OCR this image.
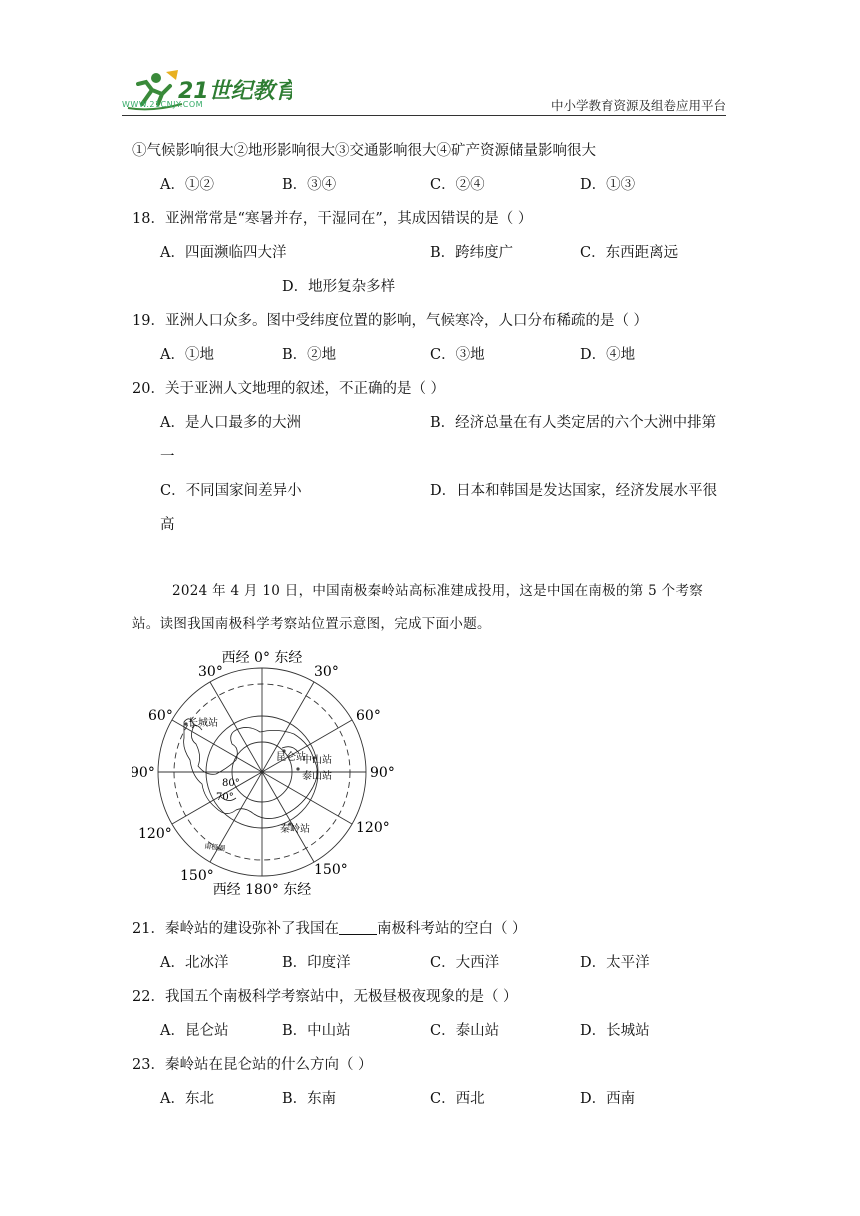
21世纪教育
WWW.21CNJY.COM	中小学教育资源及组卷应用平台
①气候影响很大②地形影响很大③交通影响很大④矿产资源储量影响很大
A．①②	B．③④	C．②④	D．①③
18．亚洲常常是“寒暑并存，干湿同在”，其成因错误的是（ ）
A．四面濒临四大洋	B．跨纬度广	C．东西距离远
D．地形复杂多样
19．亚洲人口众多。图中受纬度位置的影响，气候寒冷，人口分布稀疏的是（ ）
A．①地	B．②地	C．③地	D．④地
20．关于亚洲人文地理的叙述，不正确的是（ ）
A．是人口最多的大洲	B．经济总量在有人类定居的六个大洲中排第
一
C．不同国家间差异小	D．日本和韩国是发达国家，经济发展水平很
高
2024 年 4 月 10 日，中国南极秦岭站高标准建成投用，这是中国在南极的第 5 个考察
站。读图我国南极科学考察站位置示意图，完成下面小题。
西经 0° 东经
西经 180° 东经
30°	30°
60°	60°
90°	90°
120°	120°
150°	150°
80°
70°
长城站
昆仑站
中山站
泰山站
秦岭站
南极圈
21．秦岭站的建设弥补了我国在	南极科考站的空白（ ）
A．北冰洋	B．印度洋	C．大西洋	D．太平洋
22．我国五个南极科学考察站中，无极昼极夜现象的是（ ）
A．昆仑站	B．中山站	C．泰山站	D．长城站
23．秦岭站在昆仑站的什么方向（ ）
A．东北	B．东南	C．西北	D．西南
